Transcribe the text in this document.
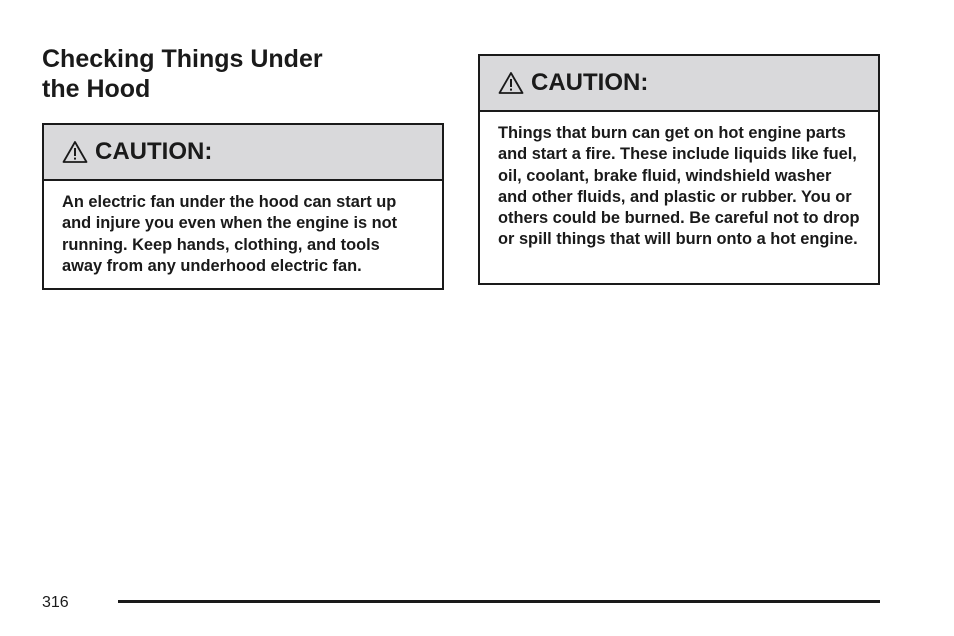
Checking Things Under
the Hood
CAUTION:
An electric fan under the hood can start up and injure you even when the engine is not running. Keep hands, clothing, and tools away from any underhood electric fan.
CAUTION:
Things that burn can get on hot engine parts and start a fire. These include liquids like fuel, oil, coolant, brake fluid, windshield washer and other fluids, and plastic or rubber. You or others could be burned. Be careful not to drop or spill things that will burn onto a hot engine.
316
